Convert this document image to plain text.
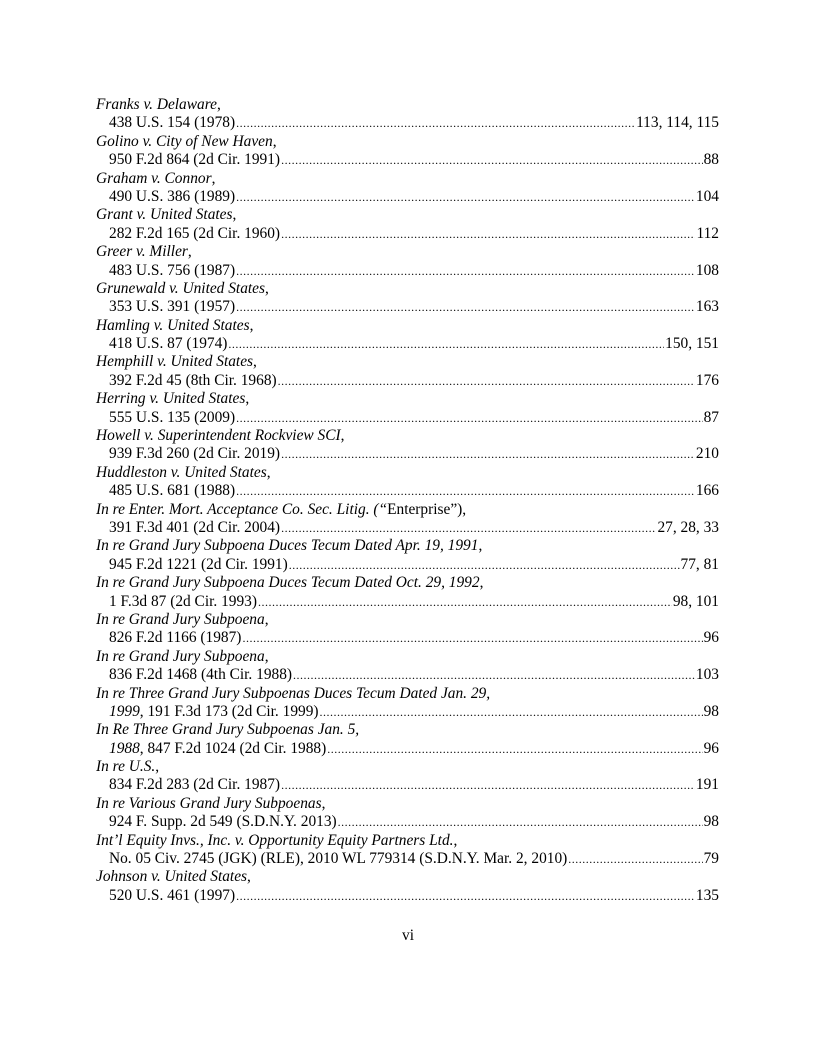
Franks v. Delaware,
438 U.S. 154 (1978) .....	113, 114, 115
Golino v. City of New Haven,
950 F.2d 864 (2d Cir. 1991) .....	88
Graham v. Connor,
490 U.S. 386 (1989) .....	104
Grant v. United States,
282 F.2d 165 (2d Cir. 1960) .....	112
Greer v. Miller,
483 U.S. 756 (1987) .....	108
Grunewald v. United States,
353 U.S. 391 (1957) .....	163
Hamling v. United States,
418 U.S. 87 (1974) .....	150, 151
Hemphill v. United States,
392 F.2d 45 (8th Cir. 1968) .....	176
Herring v. United States,
555 U.S. 135 (2009) .....	87
Howell v. Superintendent Rockview SCI,
939 F.3d 260 (2d Cir. 2019) .....	210
Huddleston v. United States,
485 U.S. 681 (1988) .....	166
In re Enter. Mort. Acceptance Co. Sec. Litig. (“Enterprise”),
391 F.3d 401 (2d Cir. 2004) .....	27, 28, 33
In re Grand Jury Subpoena Duces Tecum Dated Apr. 19, 1991,
945 F.2d 1221 (2d Cir. 1991) .....	77, 81
In re Grand Jury Subpoena Duces Tecum Dated Oct. 29, 1992,
1 F.3d 87 (2d Cir. 1993) .....	98, 101
In re Grand Jury Subpoena,
826 F.2d 1166 (1987) .....	96
In re Grand Jury Subpoena,
836 F.2d 1468 (4th Cir. 1988) .....	103
In re Three Grand Jury Subpoenas Duces Tecum Dated Jan. 29,
1999, 191 F.3d 173 (2d Cir. 1999) .....	98
In Re Three Grand Jury Subpoenas Jan. 5,
1988, 847 F.2d 1024 (2d Cir. 1988) .....	96
In re U.S.,
834 F.2d 283 (2d Cir. 1987) .....	191
In re Various Grand Jury Subpoenas,
924 F. Supp. 2d 549 (S.D.N.Y. 2013) .....	98
Int’l Equity Invs., Inc. v. Opportunity Equity Partners Ltd.,
No. 05 Civ. 2745 (JGK) (RLE), 2010 WL 779314 (S.D.N.Y. Mar. 2, 2010) .....	79
Johnson v. United States,
520 U.S. 461 (1997) .....	135
vi
